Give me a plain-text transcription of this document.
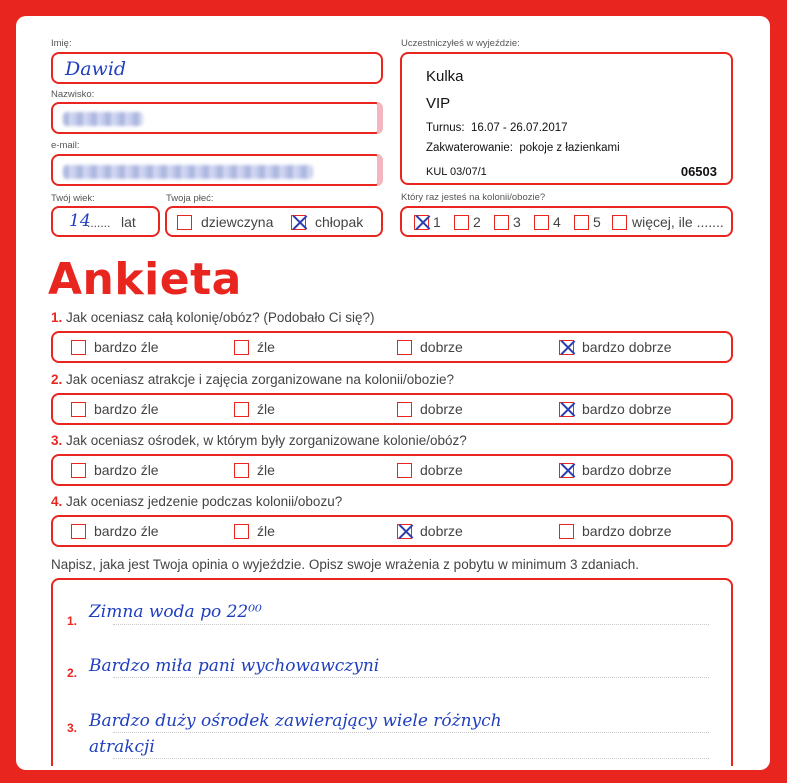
Imię:
Dawid
Nazwisko:
e-mail:
Twój wiek:
14
....... lat
Twoja płeć:
dziewczyna	chłopak
Uczestniczyłeś w wyjeździe:
Kulka
VIP
Turnus: 16.07 - 26.07.2017
Zakwaterowanie: pokoje z łazienkami
KUL 03/07/1	06503
Który raz jesteś na kolonii/obozie?
1 2 3 4 5 więcej, ile .......
Ankieta
1. Jak oceniasz całą kolonię/obóz? (Podobało Ci się?)
bardzo źle	źle	dobrze	bardzo dobrze
2. Jak oceniasz atrakcje i zajęcia zorganizowane na kolonii/obozie?
bardzo źle	źle	dobrze	bardzo dobrze
3. Jak oceniasz ośrodek, w którym były zorganizowane kolonie/obóz?
bardzo źle	źle	dobrze	bardzo dobrze
4. Jak oceniasz jedzenie podczas kolonii/obozu?
bardzo źle	źle	dobrze	bardzo dobrze
Napisz, jaka jest Twoja opinia o wyjeździe. Opisz swoje wrażenia z pobytu w minimum 3 zdaniach.
1. Zimna woda po 22⁰⁰
2. Bardzo miła pani wychowawczyni
3. Bardzo duży ośrodek zawierający wiele różnych
atrakcji
